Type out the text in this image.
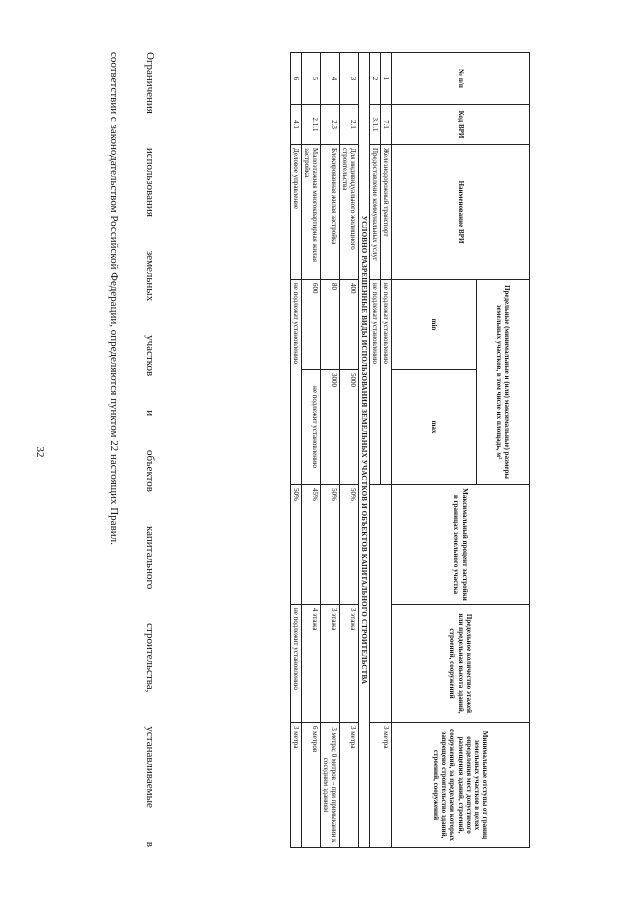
32
№ п/п	Код ВРИ	Наименование ВРИ	Предельные (минимальные и (или) максимальные) размеры земельных участков, в том числе их площадь, м²		Максимальный процент застройки в границах земельного участка	Предельное количество этажей или предельная высота зданий, строений, сооружений	Минимальные отступы от границ земельных участков в целях определения мест допустимого размещения зданий, строений, сооружений, за пределами которых запрещено строительство зданий, строений, сооружений
			min	max			
1	7.1	Железнодорожный транспорт	не подлежат установлению				3 метра
2	3.1.1	Предоставление коммунальных услуг	не подлежат установлению				
УСЛОВНО РАЗРЕШЕННЫЕ ВИДЫ ИСПОЛЬЗОВАНИЯ ЗЕМЕЛЬНЫХ УЧАСТКОВ И ОБЪЕКТОВ КАПИТАЛЬНОГО СТРОИТЕЛЬСТВА							
3	2.1	Для индивидуального жилищного строительства	400	5000	50%	3 этажа	3 метра
4	2.3	Блокированная жилая застройка	80	3000	50%	3 этажа	3 метра; 0 метров – при примыкании к соседним зданиям
5	2.1.1	Малоэтажная многоквартирная жилая застройка	600	не подлежит установлению	45%	4 этажа	6 метров
6	4.1	Деловое управление	не подлежат установлению		50%	не подлежит установлению	3 метра
Ограничения использования земельных участков и объектов капитального строительства, устанавливаемые в
соответствии с законодательством Российской Федерации, определяются пунктом 22 настоящих Правил.
